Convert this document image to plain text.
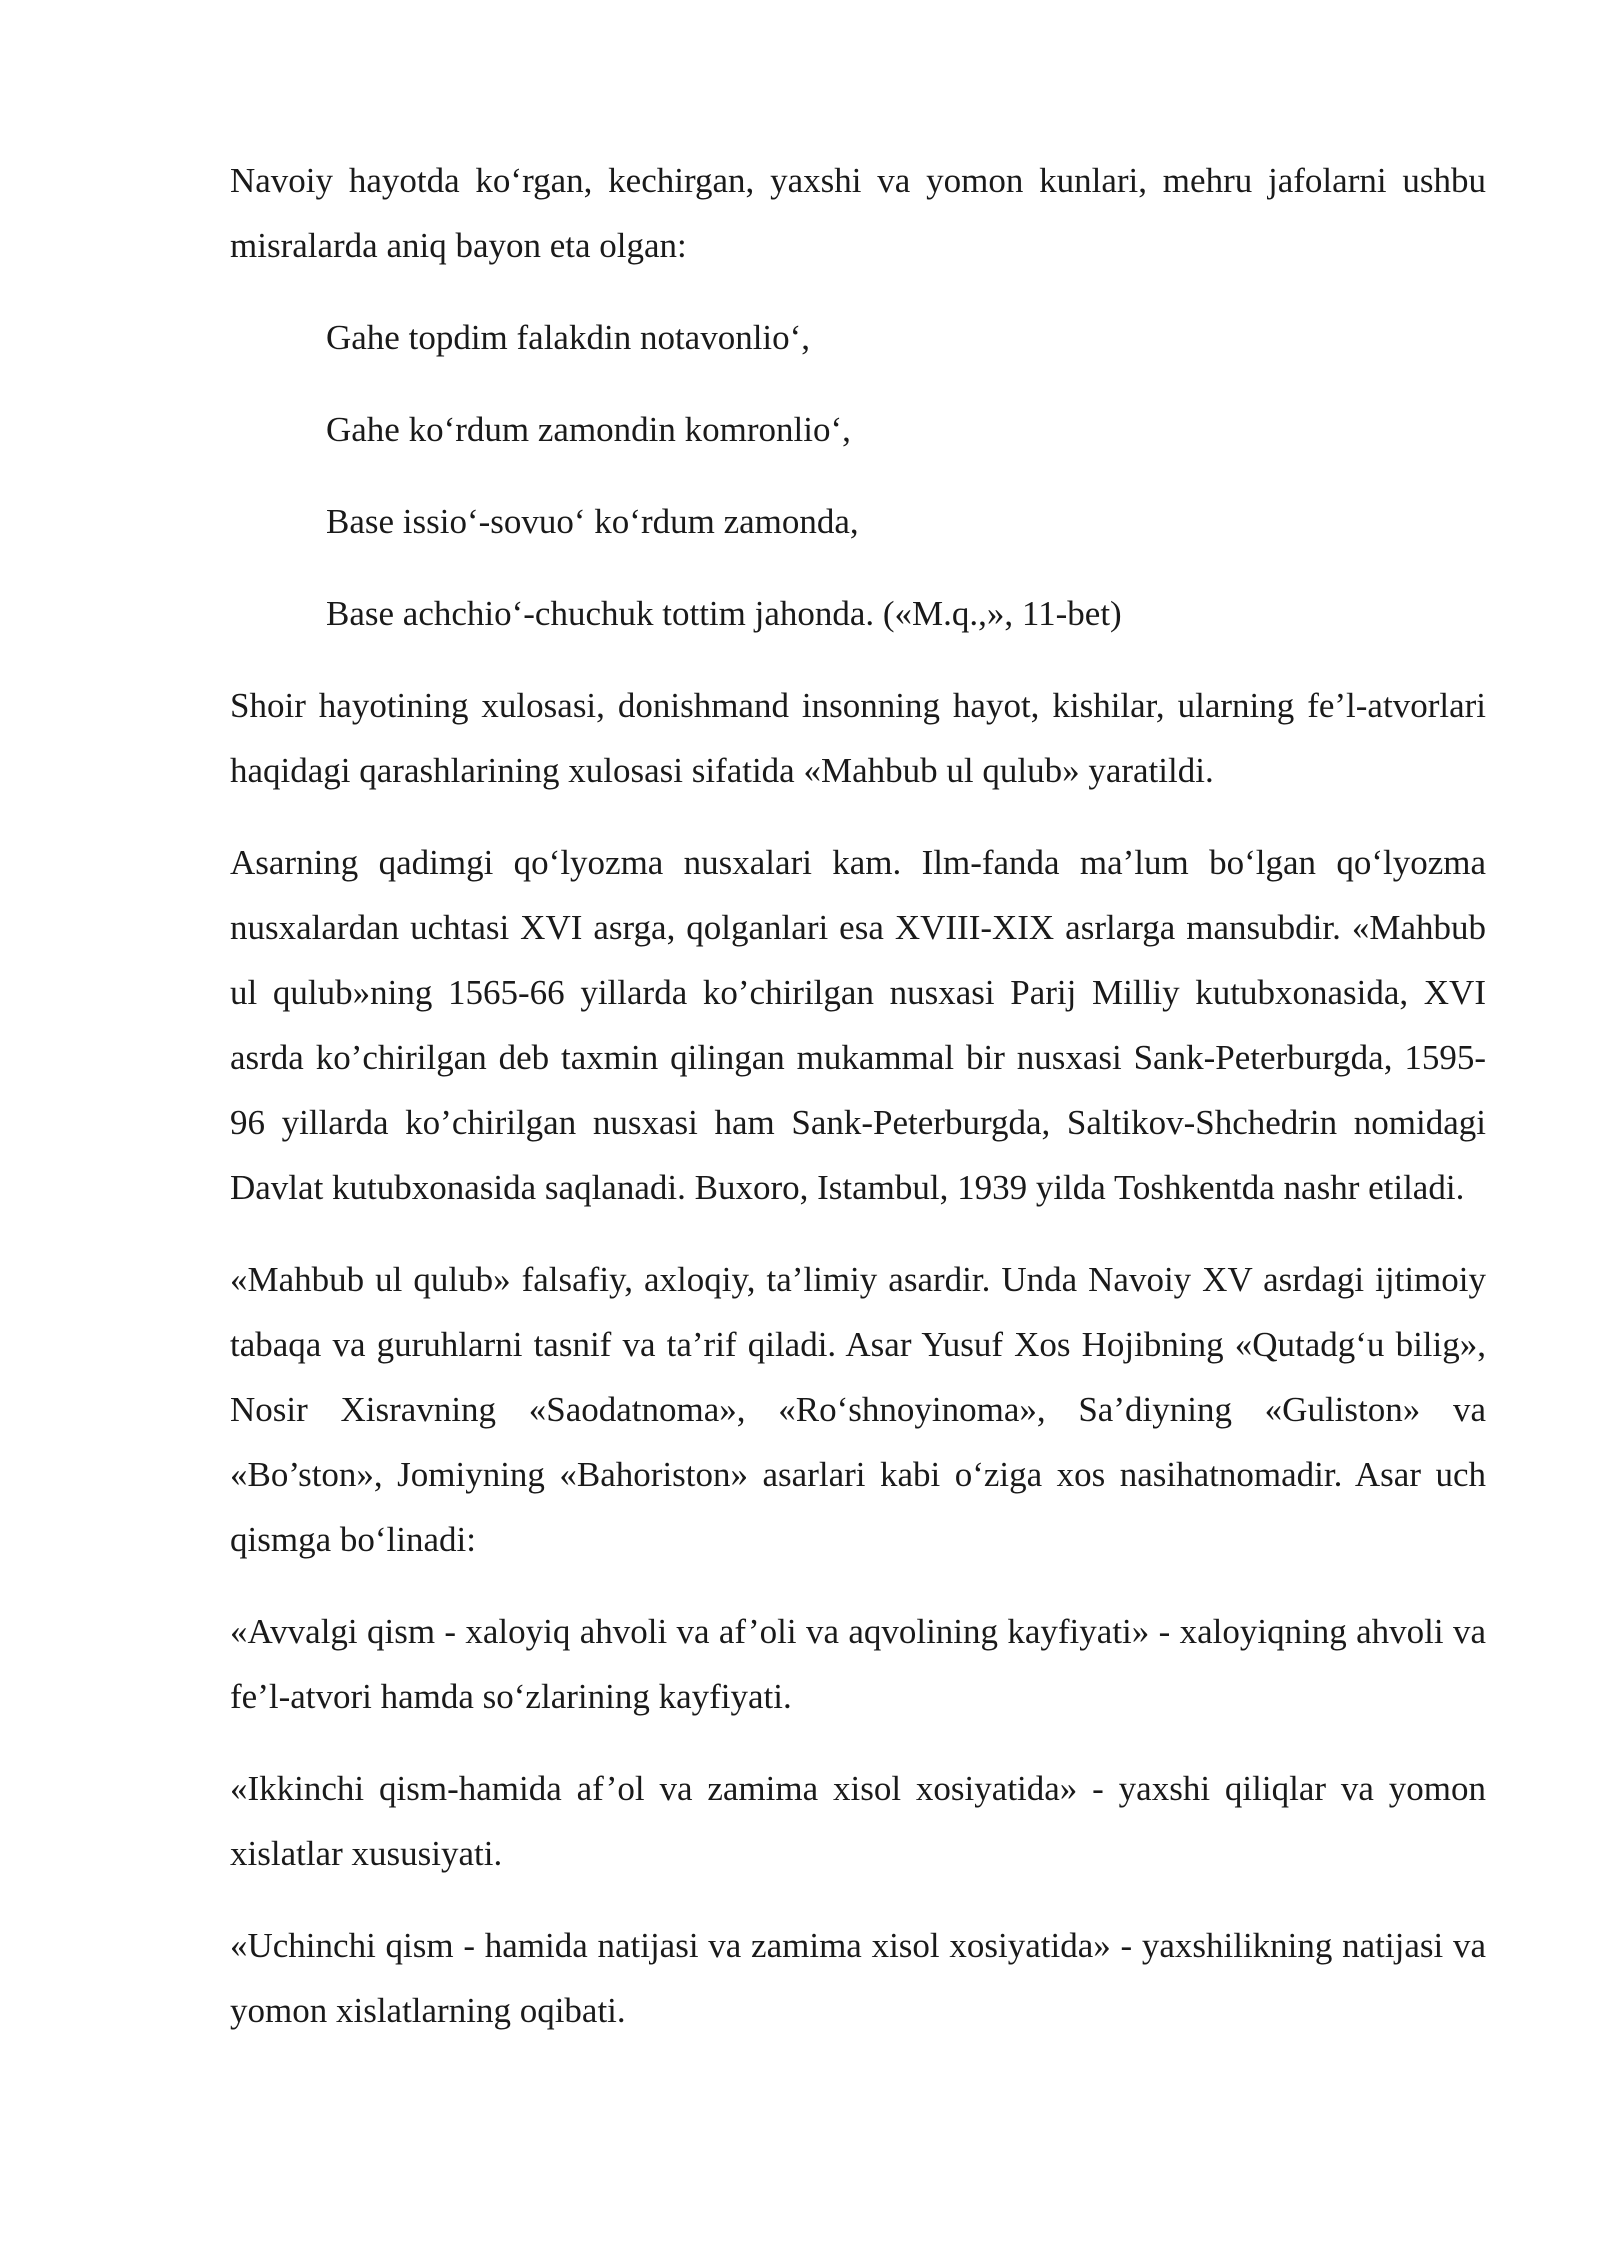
Navoiy hayotda ko‘rgan, kechirgan, yaxshi va yomon kunlari, mehru jafolarni ushbu misralarda aniq bayon eta olgan:

Gahe topdim falakdin notavonlio‘,

Gahe ko‘rdum zamondin komronlio‘,

Base issio‘-sovuo‘ ko‘rdum zamonda,

Base achchio‘-chuchuk tottim jahonda. («M.q.,», 11-bet)

Shoir hayotining xulosasi, donishmand insonning hayot, kishilar, ularning fe’l-atvorlari haqidagi qarashlarining xulosasi sifatida «Mahbub ul qulub» yaratildi.

Asarning qadimgi qo‘lyozma nusxalari kam. Ilm-fanda ma’lum bo‘lgan qo‘lyozma nusxalardan uchtasi XVI asrga, qolganlari esa XVIII-XIX asrlarga mansubdir. «Mahbub ul qulub»ning 1565-66 yillarda ko’chirilgan nusxasi Parij Milliy kutubxonasida, XVI asrda ko’chirilgan deb taxmin qilingan mukammal bir nusxasi Sank-Peterburgda, 1595-96 yillarda ko’chirilgan nusxasi ham Sank-Peterburgda, Saltikov-Shchedrin nomidagi Davlat kutubxonasida saqlanadi. Buxoro, Istambul, 1939 yilda Toshkentda nashr etiladi.

«Mahbub ul qulub» falsafiy, axloqiy, ta’limiy asardir. Unda Navoiy XV asrdagi ijtimoiy tabaqa va guruhlarni tasnif va ta’rif qiladi. Asar Yusuf Xos Hojibning «Qutadg‘u bilig», Nosir Xisravning «Saodatnoma», «Ro‘shnoyinoma», Sa’diyning «Guliston» va «Bo’ston», Jomiyning «Bahoriston» asarlari kabi o‘ziga xos nasihatnomadir. Asar uch qismga bo‘linadi:

«Avvalgi qism - xaloyiq ahvoli va af’oli va aqvolining kayfiyati» - xaloyiqning ahvoli va fe’l-atvori hamda so‘zlarining kayfiyati.

«Ikkinchi qism-hamida af’ol va zamima xisol xosiyatida» - yaxshi qiliqlar va yomon xislatlar xususiyati.

«Uchinchi qism - hamida natijasi va zamima xisol xosiyatida» - yaxshilikning natijasi va yomon xislatlarning oqibati.
